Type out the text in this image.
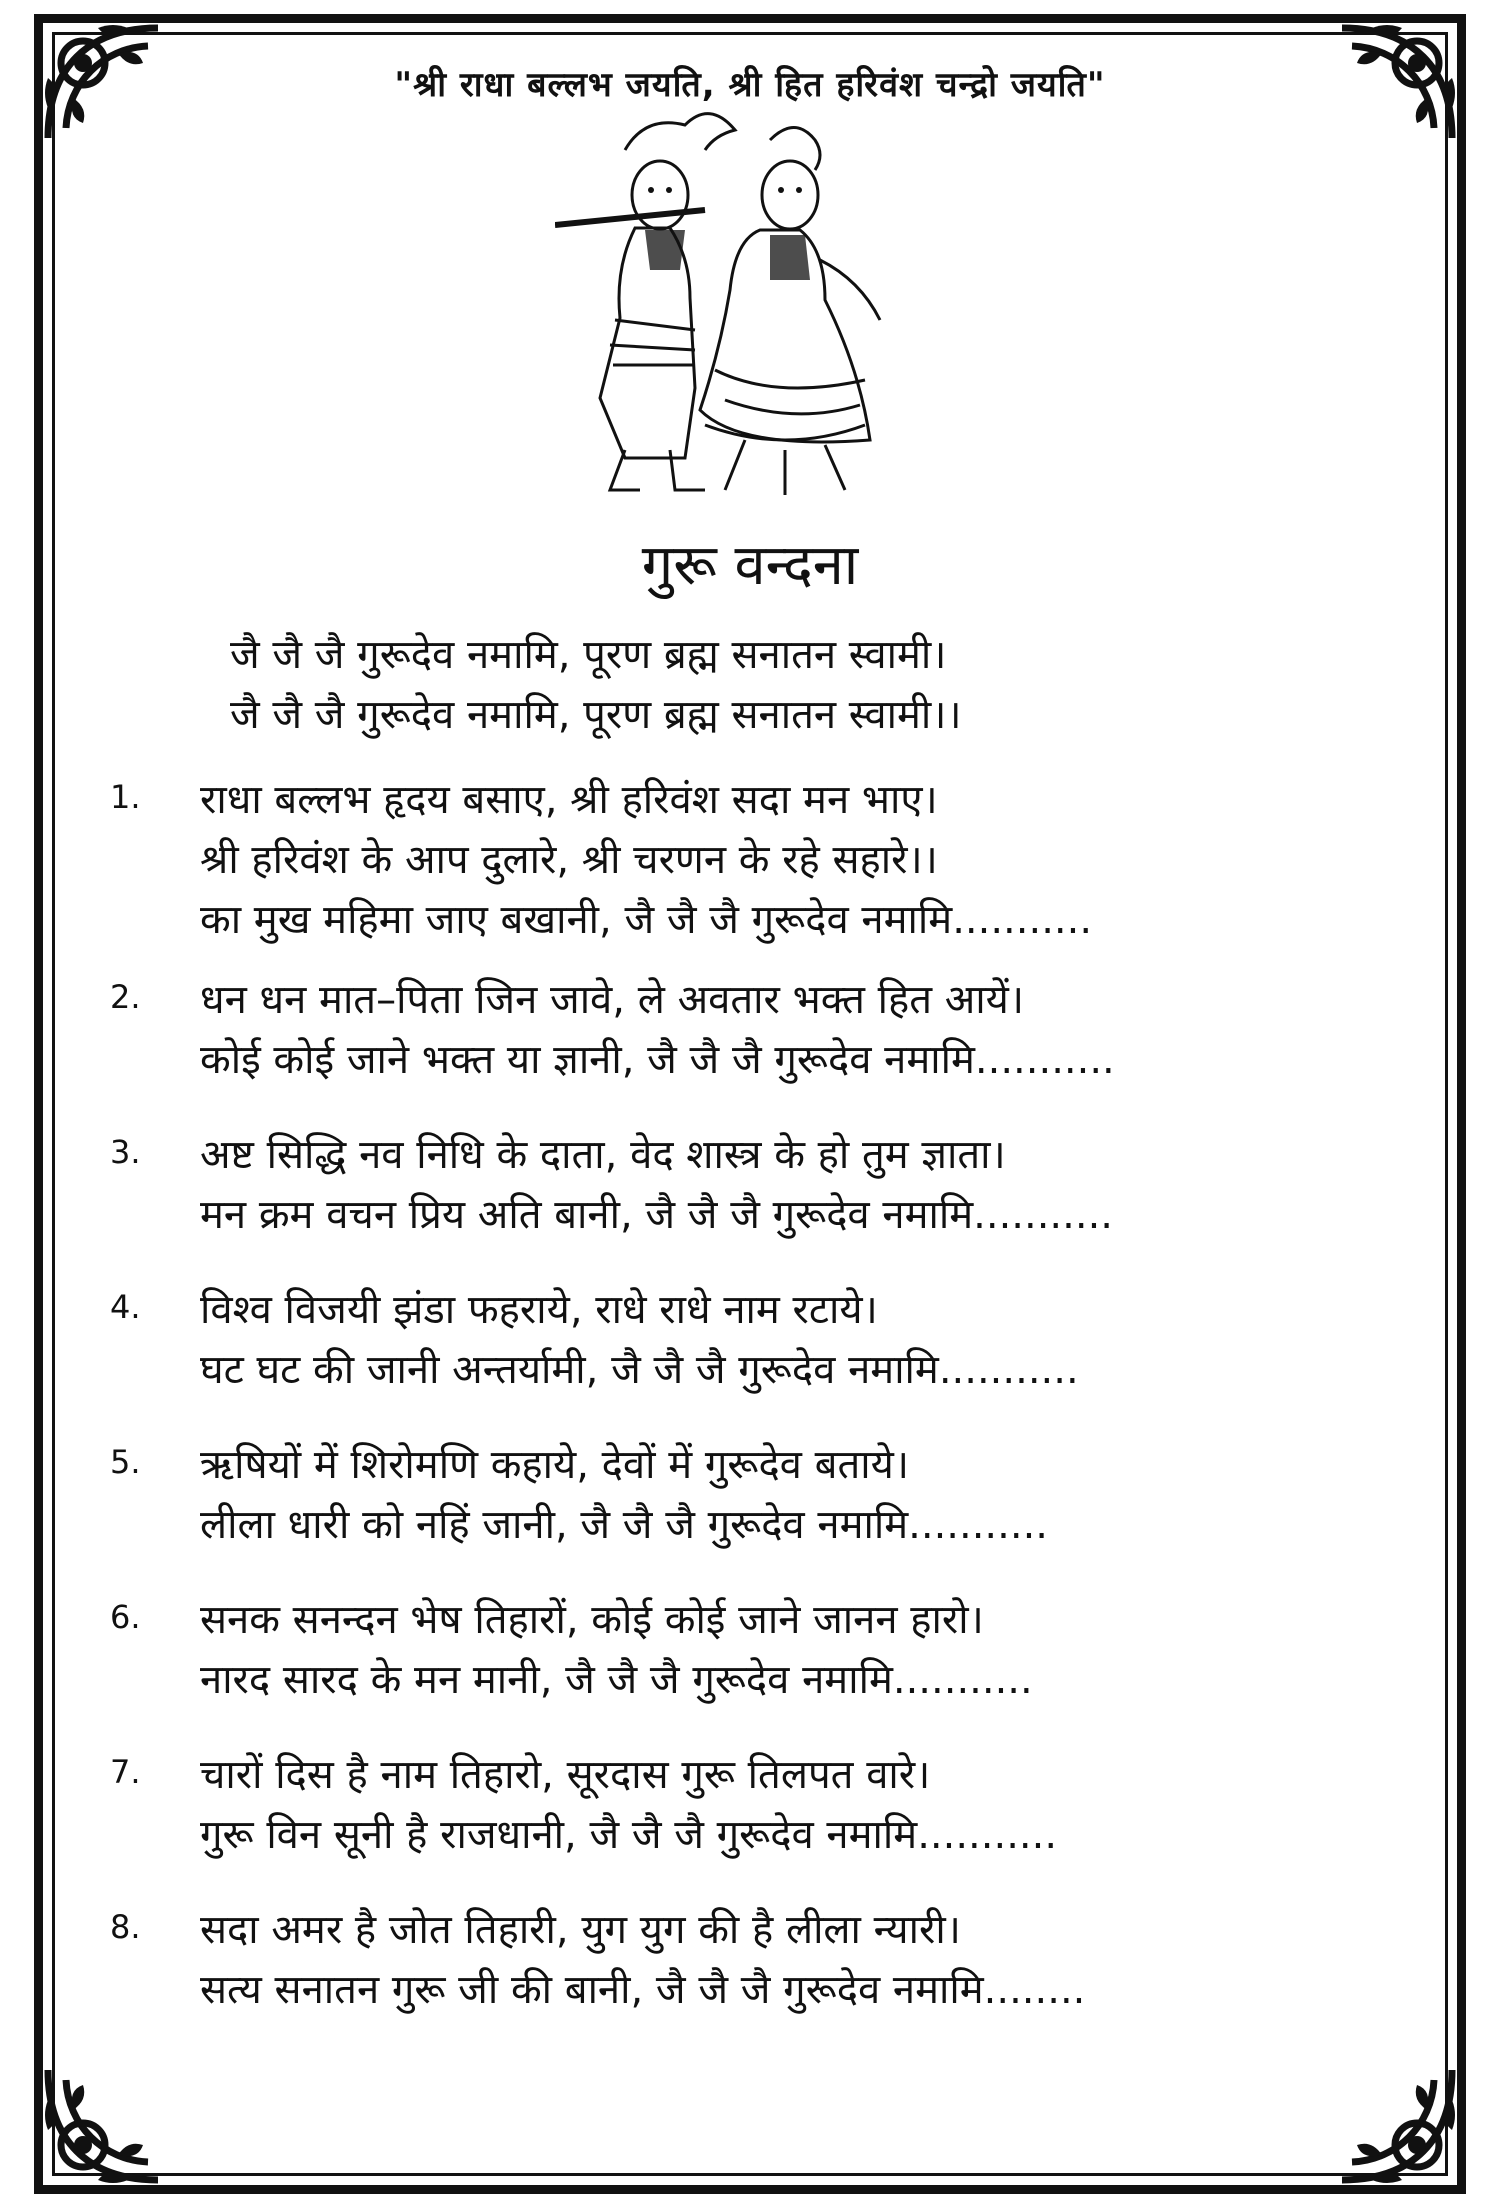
"श्री राधा बल्लभ जयति, श्री हित हरिवंश चन्द्रो जयति"
गुरू वन्दना
जै जै जै गुरूदेव नमामि, पूरण ब्रह्म सनातन स्वामी।
जै जै जै गुरूदेव नमामि, पूरण ब्रह्म सनातन स्वामी।।
1.	राधा बल्लभ हृदय बसाए, श्री हरिवंश सदा मन भाए।
श्री हरिवंश के आप दुलारे, श्री चरणन के रहे सहारे।।
का मुख महिमा जाए बखानी, जै जै जै गुरूदेव नमामि...........
2.	धन धन मात–पिता जिन जावे, ले अवतार भक्त हित आयें।
कोई कोई जाने भक्त या ज्ञानी, जै जै जै गुरूदेव नमामि...........
3.	अष्ट सिद्धि नव निधि के दाता, वेद शास्त्र के हो तुम ज्ञाता।
मन क्रम वचन प्रिय अति बानी, जै जै जै गुरूदेव नमामि...........
4.	विश्व विजयी झंडा फहराये, राधे राधे नाम रटाये।
घट घट की जानी अन्तर्यामी, जै जै जै गुरूदेव नमामि...........
5.	ऋषियों में शिरोमणि कहाये, देवों में गुरूदेव बताये।
लीला धारी को नहिं जानी, जै जै जै गुरूदेव नमामि...........
6.	सनक सनन्दन भेष तिहारों, कोई कोई जाने जानन हारो।
नारद सारद के मन मानी, जै जै जै गुरूदेव नमामि...........
7.	चारों दिस है नाम तिहारो, सूरदास गुरू तिलपत वारे।
गुरू विन सूनी है राजधानी, जै जै जै गुरूदेव नमामि...........
8.	सदा अमर है जोत तिहारी, युग युग की है लीला न्यारी।
सत्य सनातन गुरू जी की बानी, जै जै जै गुरूदेव नमामि........
